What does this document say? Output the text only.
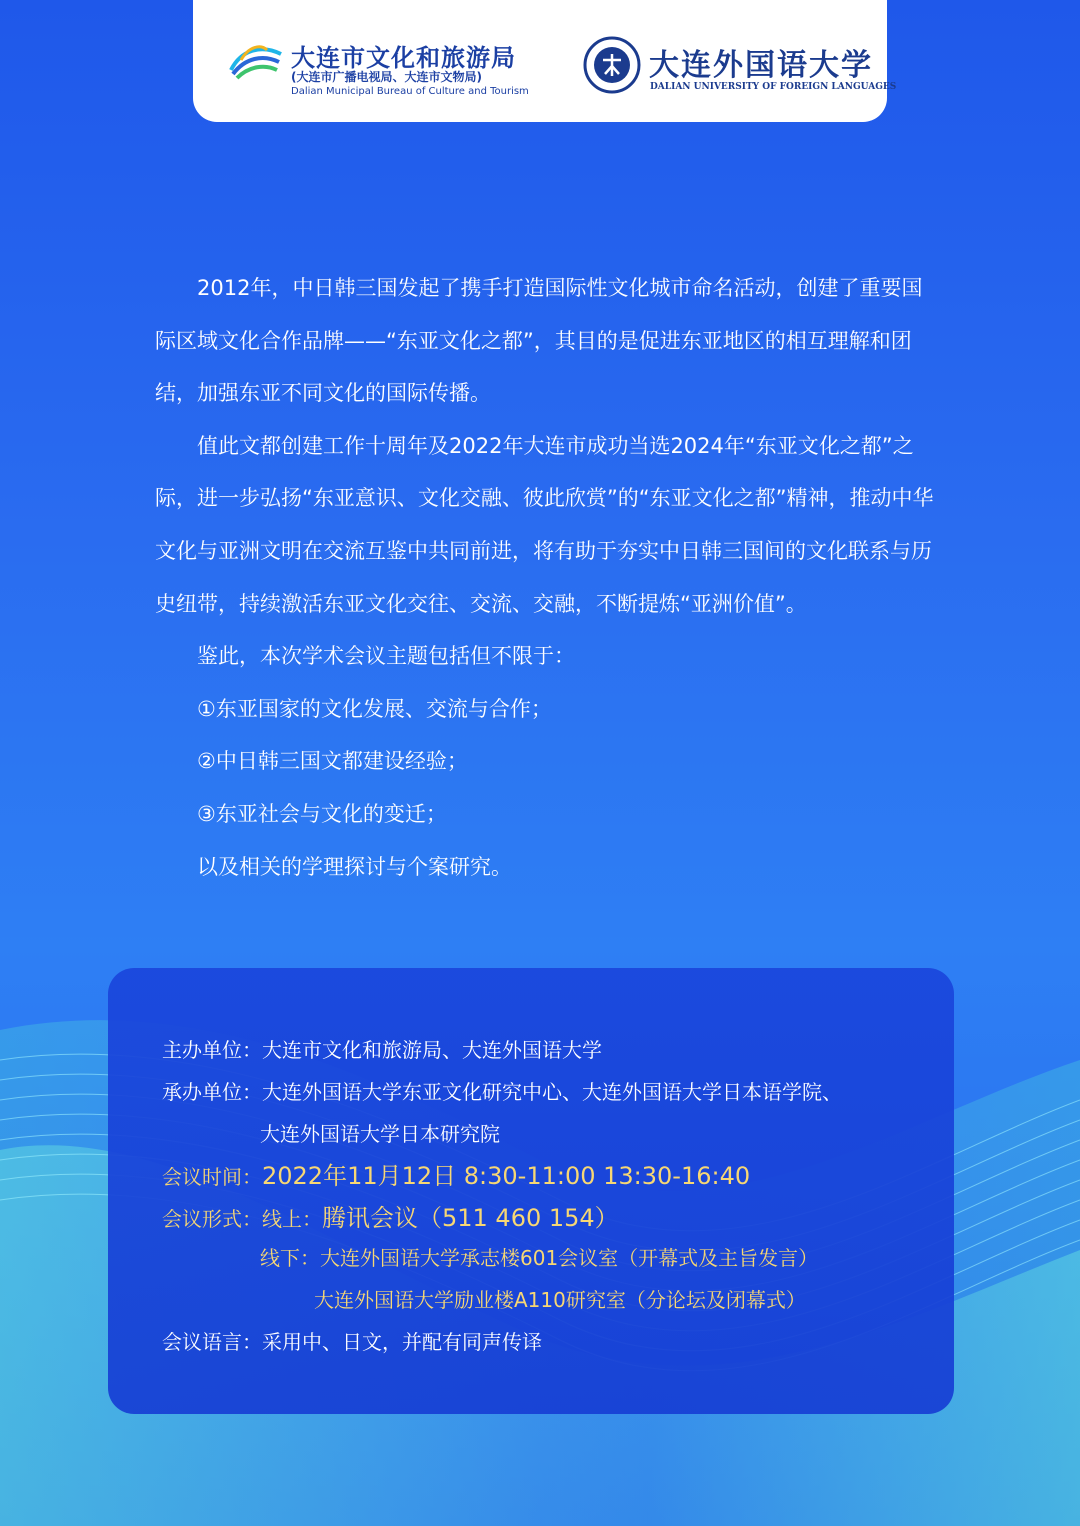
大连市文化和旅游局
(大连市广播电视局、大连市文物局)
Dalian Municipal Bureau of Culture and Tourism
大连外国语大学
DALIAN UNIVERSITY OF FOREIGN LANGUAGES

2012年，中日韩三国发起了携手打造国际性文化城市命名活动，创建了重要国际区域文化合作品牌——“东亚文化之都”，其目的是促进东亚地区的相互理解和团结，加强东亚不同文化的国际传播。

值此文都创建工作十周年及2022年大连市成功当选2024年“东亚文化之都”之际，进一步弘扬“东亚意识、文化交融、彼此欣赏”的“东亚文化之都”精神，推动中华文化与亚洲文明在交流互鉴中共同前进，将有助于夯实中日韩三国间的文化联系与历史纽带，持续激活东亚文化交往、交流、交融，不断提炼“亚洲价值”。

鉴此，本次学术会议主题包括但不限于：

①东亚国家的文化发展、交流与合作；

②中日韩三国文都建设经验；

③东亚社会与文化的变迁；

以及相关的学理探讨与个案研究。

主办单位：大连市文化和旅游局、大连外国语大学
承办单位：大连外国语大学东亚文化研究中心、大连外国语大学日本语学院、
大连外国语大学日本研究院
会议时间：2022年11月12日 8:30-11:00 13:30-16:40
会议形式：线上：腾讯会议（511 460 154）
线下：大连外国语大学承志楼601会议室（开幕式及主旨发言）
大连外国语大学励业楼A110研究室（分论坛及闭幕式）
会议语言：采用中、日文，并配有同声传译
